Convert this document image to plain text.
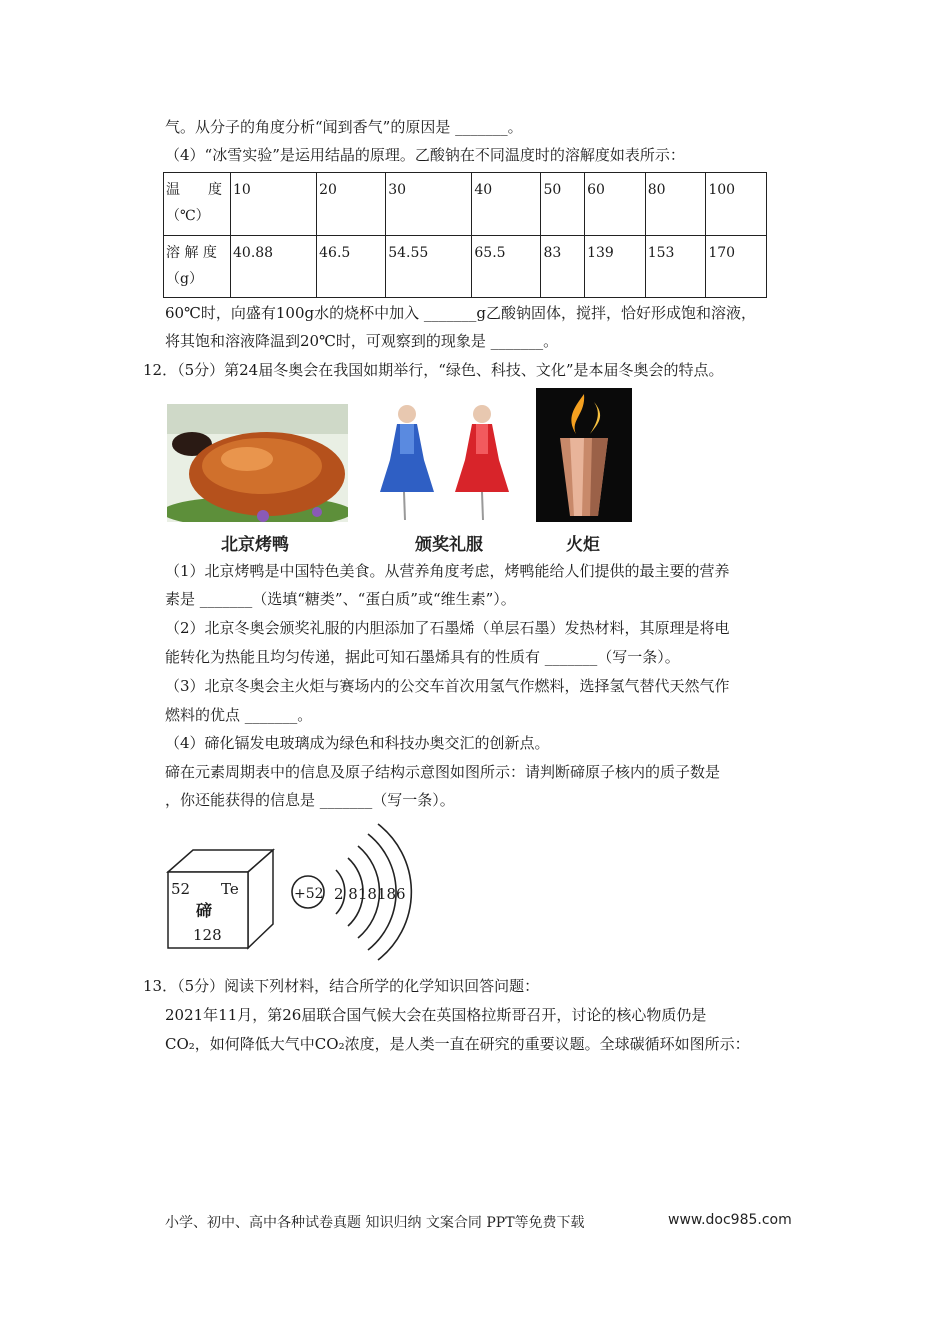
气。从分子的角度分析“闻到香气”的原因是 _______。
（4）“冰雪实验”是运用结晶的原理。乙酸钠在不同温度时的溶解度如表所示：
温　　度（℃）	10	20	30	40	50	60	80	100
溶 解 度（g）	40.88	46.5	54.55	65.5	83	139	153	170
60℃时，向盛有100g水的烧杯中加入 _______g乙酸钠固体，搅拌，恰好形成饱和溶液，
将其饱和溶液降温到20℃时，可观察到的现象是 _______。
12．（5分）第24届冬奥会在我国如期举行，“绿色、科技、文化”是本届冬奥会的特点。
北京烤鸭	颁奖礼服	火炬
（1）北京烤鸭是中国特色美食。从营养角度考虑，烤鸭能给人们提供的最主要的营养
素是 _______（选填“糖类”、“蛋白质”或“维生素”）。
（2）北京冬奥会颁奖礼服的内胆添加了石墨烯（单层石墨）发热材料，其原理是将电
能转化为热能且均匀传递，据此可知石墨烯具有的性质有 _______（写一条）。
（3）北京冬奥会主火炬与赛场内的公交车首次用氢气作燃料，选择氢气替代天然气作
燃料的优点 _______。
（4）碲化镉发电玻璃成为绿色和科技办奥交汇的创新点。
碲在元素周期表中的信息及原子结构示意图如图所示：请判断碲原子核内的质子数是
，你还能获得的信息是 _______（写一条）。
52 Te
碲
128
+52 2 818186
13．（5分）阅读下列材料，结合所学的化学知识回答问题：
2021年11月，第26届联合国气候大会在英国格拉斯哥召开，讨论的核心物质仍是
CO₂，如何降低大气中CO₂浓度，是人类一直在研究的重要议题。全球碳循环如图所示：
小学、初中、高中各种试卷真题 知识归纳 文案合同 PPT等免费下载	www.doc985.com
